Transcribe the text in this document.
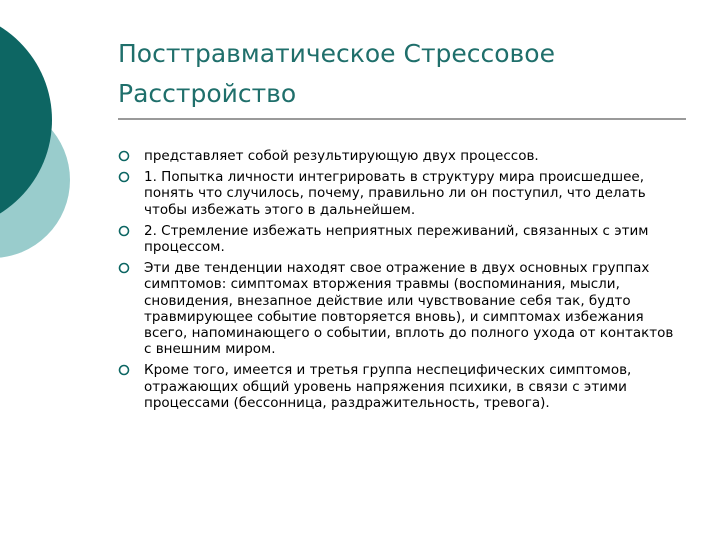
Посттравматическое Стрессовое Расстройство
представляет собой результирующую двух процессов.
1. Попытка личности интегрировать в структуру мира происшедшее, понять что случилось, почему, правильно ли он поступил, что делать чтобы избежать этого в дальнейшем.
2. Стремление избежать неприятных переживаний, связанных с этим процессом.
Эти две тенденции находят свое отражение в двух основных группах симптомов: симптомах вторжения травмы (воспоминания, мысли, сновидения, внезапное действие или чувствование себя так, будто травмирующее событие повторяется вновь), и симптомах избежания всего, напоминающего о событии, вплоть до полного ухода от контактов с внешним миром.
Кроме того, имеется и третья группа неспецифических симптомов, отражающих общий уровень напряжения психики, в связи с этими процессами (бессонница, раздражительность, тревога).
